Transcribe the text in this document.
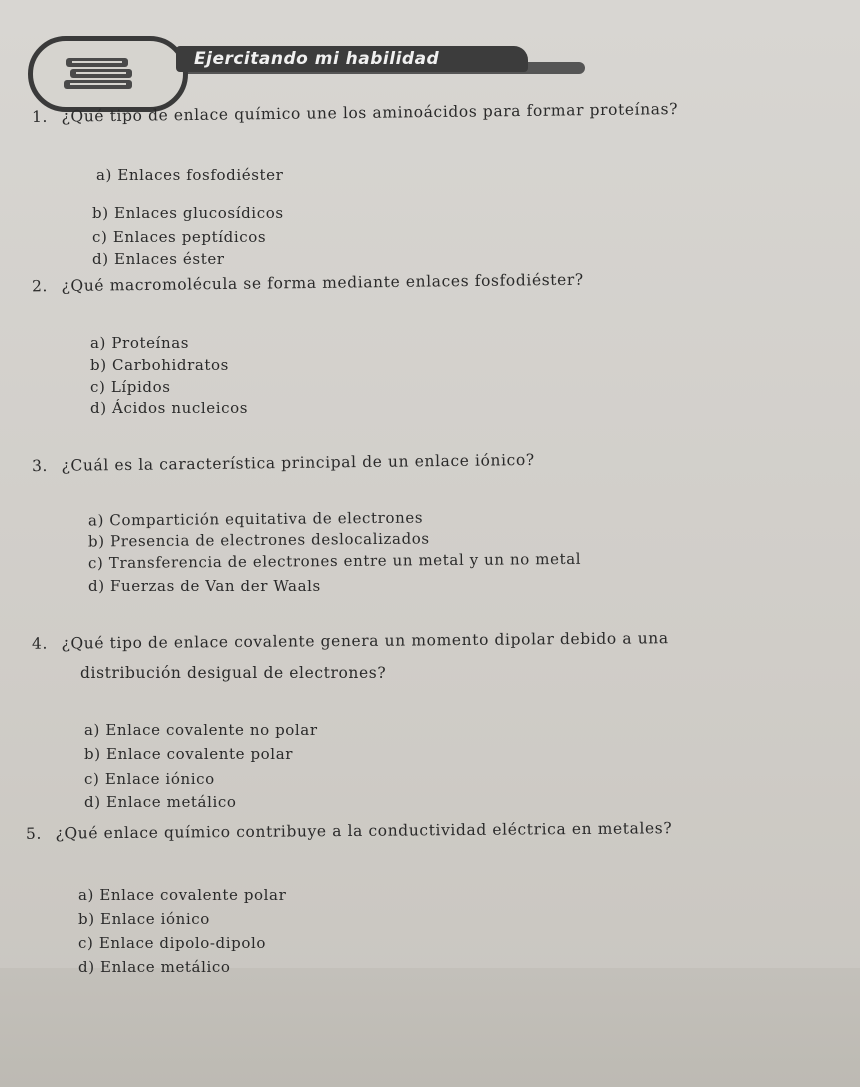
Ejercitando mi habilidad
1. ¿Qué tipo de enlace químico une los aminoácidos para formar proteínas?
a) Enlaces fosfodiéster
b) Enlaces glucosídicos
c) Enlaces peptídicos
d) Enlaces éster
2. ¿Qué macromolécula se forma mediante enlaces fosfodiéster?
a) Proteínas
b) Carbohidratos
c) Lípidos
d) Ácidos nucleicos
3. ¿Cuál es la característica principal de un enlace iónico?
a) Compartición equitativa de electrones
b) Presencia de electrones deslocalizados
c) Transferencia de electrones entre un metal y un no metal
d) Fuerzas de Van der Waals
4. ¿Qué tipo de enlace covalente genera un momento dipolar debido a una
distribución desigual de electrones?
a) Enlace covalente no polar
b) Enlace covalente polar
c) Enlace iónico
d) Enlace metálico
5. ¿Qué enlace químico contribuye a la conductividad eléctrica en metales?
a) Enlace covalente polar
b) Enlace iónico
c) Enlace dipolo-dipolo
d) Enlace metálico
